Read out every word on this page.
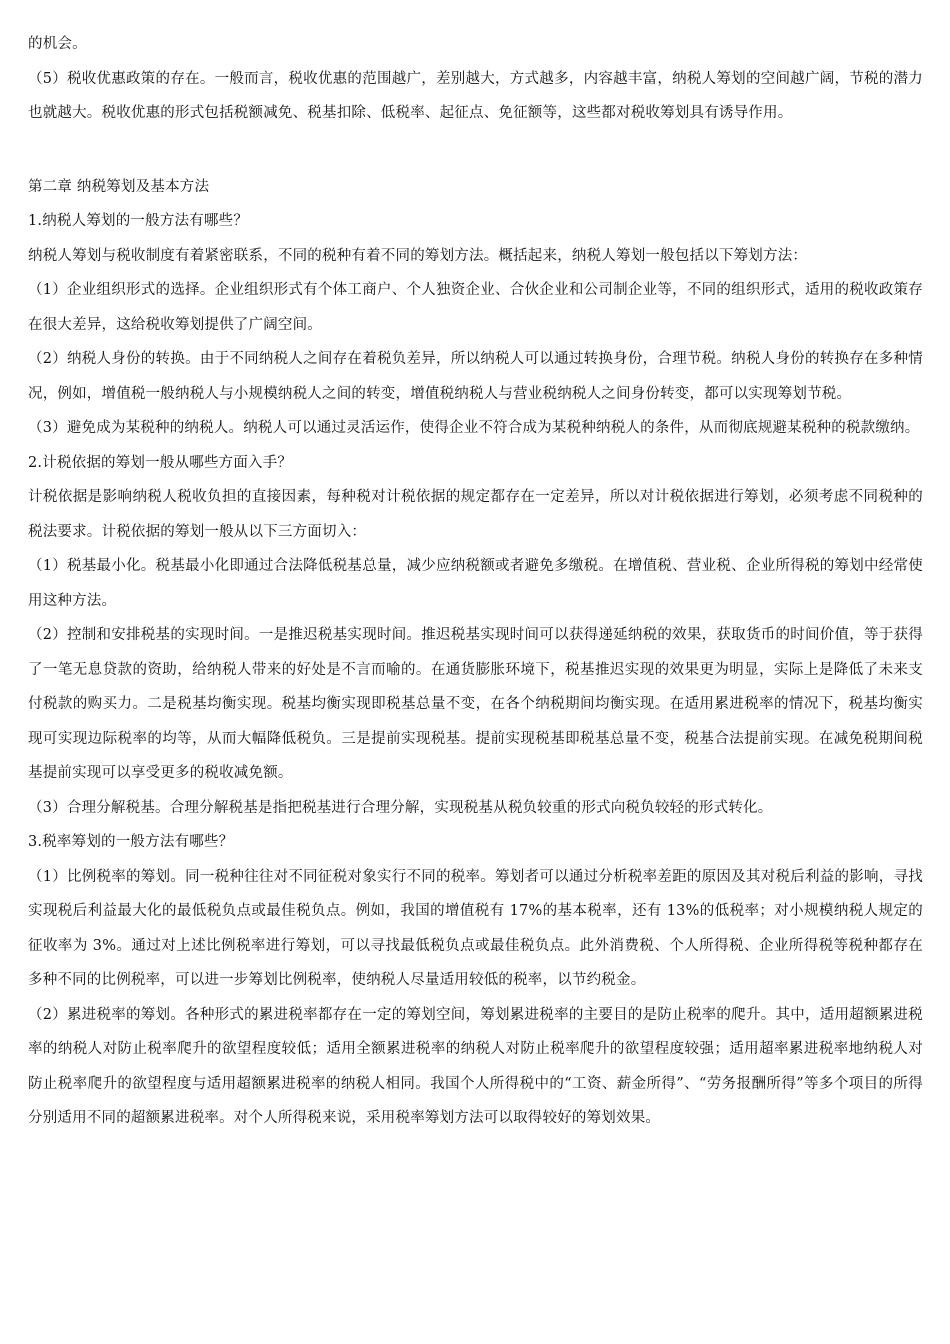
的机会。

（5）税收优惠政策的存在。一般而言，税收优惠的范围越广，差别越大，方式越多，内容越丰富，纳税人筹划的空间越广阔，节税的潜力也就越大。税收优惠的形式包括税额减免、税基扣除、低税率、起征点、免征额等，这些都对税收筹划具有诱导作用。

第二章 纳税筹划及基本方法

1.纳税人筹划的一般方法有哪些？

纳税人筹划与税收制度有着紧密联系，不同的税种有着不同的筹划方法。概括起来，纳税人筹划一般包括以下筹划方法：

（1）企业组织形式的选择。企业组织形式有个体工商户、个人独资企业、合伙企业和公司制企业等，不同的组织形式，适用的税收政策存在很大差异，这给税收筹划提供了广阔空间。

（2）纳税人身份的转换。由于不同纳税人之间存在着税负差异，所以纳税人可以通过转换身份，合理节税。纳税人身份的转换存在多种情况，例如，增值税一般纳税人与小规模纳税人之间的转变，增值税纳税人与营业税纳税人之间身份转变，都可以实现筹划节税。

（3）避免成为某税种的纳税人。纳税人可以通过灵活运作，使得企业不符合成为某税种纳税人的条件，从而彻底规避某税种的税款缴纳。

2.计税依据的筹划一般从哪些方面入手？

计税依据是影响纳税人税收负担的直接因素，每种税对计税依据的规定都存在一定差异，所以对计税依据进行筹划，必须考虑不同税种的税法要求。计税依据的筹划一般从以下三方面切入：

（1）税基最小化。税基最小化即通过合法降低税基总量，减少应纳税额或者避免多缴税。在增值税、营业税、企业所得税的筹划中经常使用这种方法。

（2）控制和安排税基的实现时间。一是推迟税基实现时间。推迟税基实现时间可以获得递延纳税的效果，获取货币的时间价值，等于获得了一笔无息贷款的资助，给纳税人带来的好处是不言而喻的。在通货膨胀环境下，税基推迟实现的效果更为明显，实际上是降低了未来支付税款的购买力。二是税基均衡实现。税基均衡实现即税基总量不变，在各个纳税期间均衡实现。在适用累进税率的情况下，税基均衡实现可实现边际税率的均等，从而大幅降低税负。三是提前实现税基。提前实现税基即税基总量不变，税基合法提前实现。在减免税期间税基提前实现可以享受更多的税收减免额。

（3）合理分解税基。合理分解税基是指把税基进行合理分解，实现税基从税负较重的形式向税负较轻的形式转化。

3.税率筹划的一般方法有哪些？

（1）比例税率的筹划。同一税种往往对不同征税对象实行不同的税率。筹划者可以通过分析税率差距的原因及其对税后利益的影响，寻找实现税后利益最大化的最低税负点或最佳税负点。例如，我国的增值税有 17%的基本税率，还有 13%的低税率；对小规模纳税人规定的征收率为 3%。通过对上述比例税率进行筹划，可以寻找最低税负点或最佳税负点。此外消费税、个人所得税、企业所得税等税种都存在多种不同的比例税率，可以进一步筹划比例税率，使纳税人尽量适用较低的税率，以节约税金。

（2）累进税率的筹划。各种形式的累进税率都存在一定的筹划空间，筹划累进税率的主要目的是防止税率的爬升。其中，适用超额累进税率的纳税人对防止税率爬升的欲望程度较低；适用全额累进税率的纳税人对防止税率爬升的欲望程度较强；适用超率累进税率地纳税人对防止税率爬升的欲望程度与适用超额累进税率的纳税人相同。我国个人所得税中的“工资、薪金所得”、“劳务报酬所得”等多个项目的所得分别适用不同的超额累进税率。对个人所得税来说，采用税率筹划方法可以取得较好的筹划效果。
